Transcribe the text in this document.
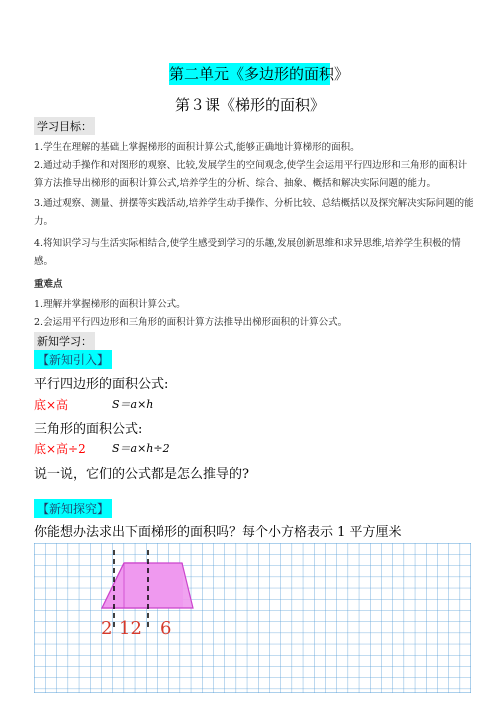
第二单元《多边形的面积》
第３课《梯形的面积》
学习目标：
1.学生在理解的基础上掌握梯形的面积计算公式,能够正确地计算梯形的面积。
2.通过动手操作和对图形的观察、比较,发展学生的空间观念,使学生会运用平行四边形和三角形的面积计
算方法推导出梯形的面积计算公式,培养学生的分析、综合、抽象、概括和解决实际问题的能力。
3.通过观察、测量、拼摆等实践活动,培养学生动手操作、分析比较、总结概括以及探究解决实际问题的能
力。
4.将知识学习与生活实际相结合,使学生感受到学习的乐趣,发展创新思维和求异思维,培养学生积极的情
感。
重难点
1.理解并掌握梯形的面积计算公式。
2.会运用平行四边形和三角形的面积计算方法推导出梯形面积的计算公式。
新知学习：
【新知引入】
平行四边形的面积公式:
底×高	S＝a×h
三角形的面积公式:
底×高÷2 S＝a×h÷2
说一说，它们的公式都是怎么推导的?
【新知探究】
你能想办法求出下面梯形的面积吗？每个小方格表示 1 平方厘米
2 12 6
